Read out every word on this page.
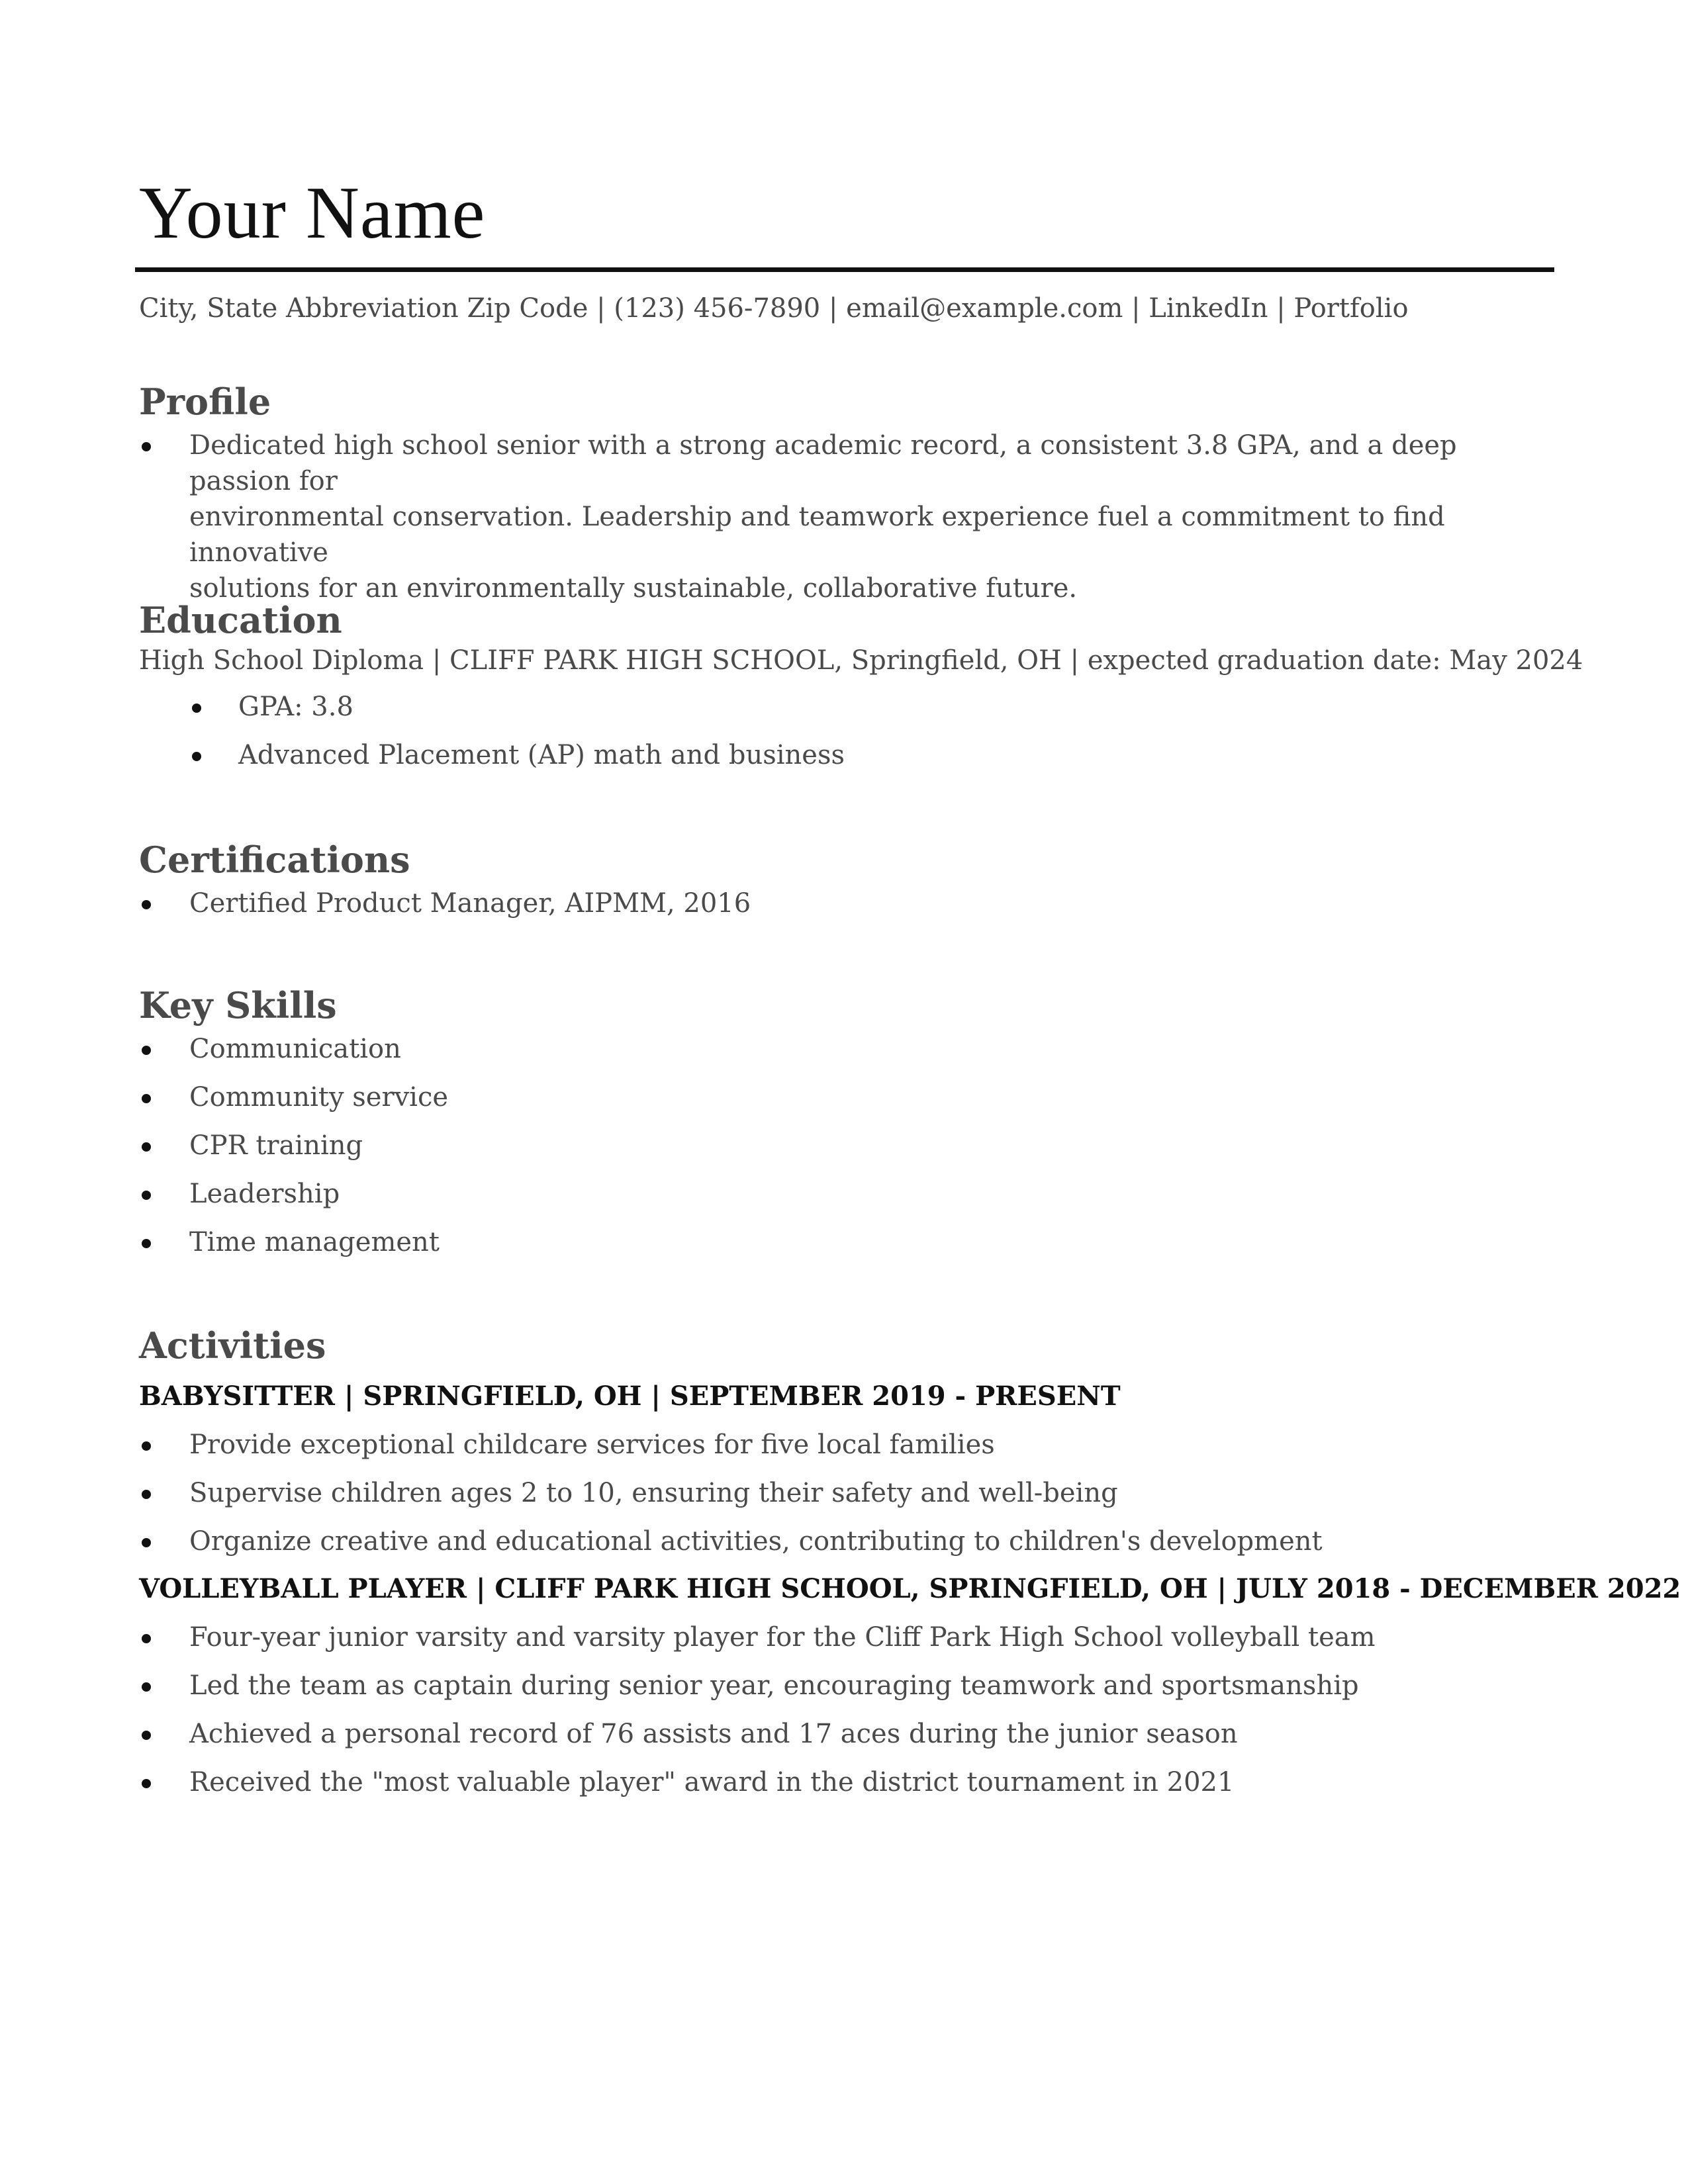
Your Name
City, State Abbreviation Zip Code | (123) 456-7890 | email@example.com | LinkedIn | Portfolio
Profile
Dedicated high school senior with a strong academic record, a consistent 3.8 GPA, and a deep passion for
environmental conservation. Leadership and teamwork experience fuel a commitment to find innovative
solutions for an environmentally sustainable, collaborative future.
Education
High School Diploma | CLIFF PARK HIGH SCHOOL, Springfield, OH | expected graduation date: May 2024
GPA: 3.8
Advanced Placement (AP) math and business
Certifications
Certified Product Manager, AIPMM, 2016
Key Skills
Communication
Community service
CPR training
Leadership
Time management
Activities
BABYSITTER | SPRINGFIELD, OH | SEPTEMBER 2019 - PRESENT
Provide exceptional childcare services for five local families
Supervise children ages 2 to 10, ensuring their safety and well-being
Organize creative and educational activities, contributing to children's development
VOLLEYBALL PLAYER | CLIFF PARK HIGH SCHOOL, SPRINGFIELD, OH | JULY 2018 - DECEMBER 2022
Four-year junior varsity and varsity player for the Cliff Park High School volleyball team
Led the team as captain during senior year, encouraging teamwork and sportsmanship
Achieved a personal record of 76 assists and 17 aces during the junior season
Received the "most valuable player" award in the district tournament in 2021
